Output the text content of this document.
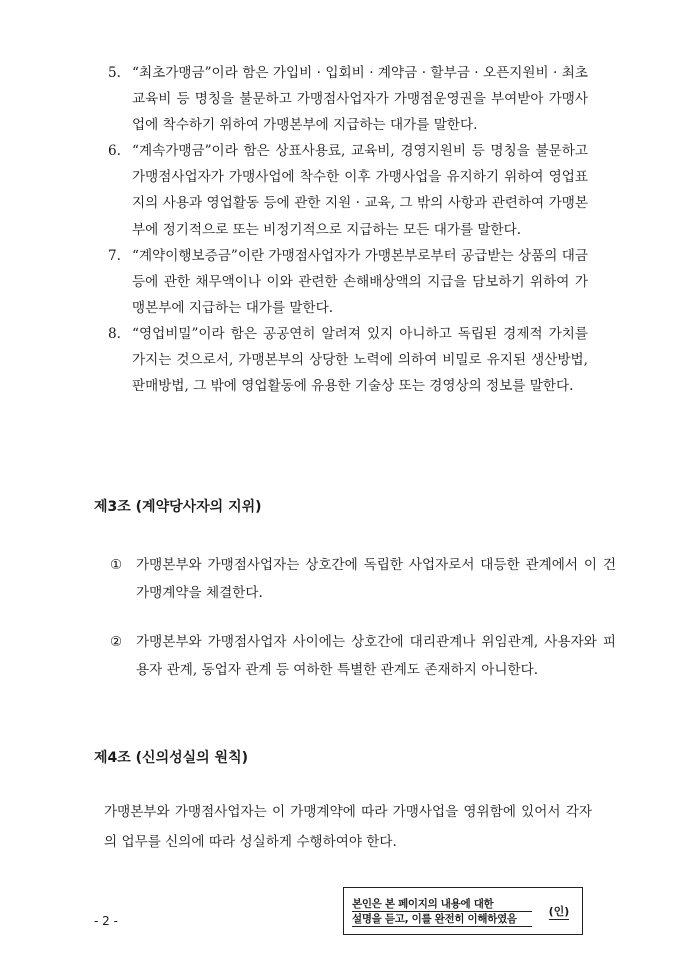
5. “최초가맹금”이라 함은 가입비 · 입회비 · 계약금 · 할부금 · 오픈지원비 · 최초교육비 등 명칭을 불문하고 가맹점사업자가 가맹점운영권을 부여받아 가맹사업에 착수하기 위하여 가맹본부에 지급하는 대가를 말한다.
6. “계속가맹금”이라 함은 상표사용료, 교육비, 경영지원비 등 명칭을 불문하고 가맹점사업자가 가맹사업에 착수한 이후 가맹사업을 유지하기 위하여 영업표지의 사용과 영업활동 등에 관한 지원 · 교육, 그 밖의 사항과 관련하여 가맹본부에 정기적으로 또는 비정기적으로 지급하는 모든 대가를 말한다.
7. “계약이행보증금”이란 가맹점사업자가 가맹본부로부터 공급받는 상품의 대금 등에 관한 채무액이나 이와 관련한 손해배상액의 지급을 담보하기 위하여 가맹본부에 지급하는 대가를 말한다.
8. “영업비밀”이라 함은 공공연히 알려져 있지 아니하고 독립된 경제적 가치를 가지는 것으로서, 가맹본부의 상당한 노력에 의하여 비밀로 유지된 생산방법, 판매방법, 그 밖에 영업활동에 유용한 기술상 또는 경영상의 정보를 말한다.
제3조 (계약당사자의 지위)
① 가맹본부와 가맹점사업자는 상호간에 독립한 사업자로서 대등한 관계에서 이 건 가맹계약을 체결한다.
② 가맹본부와 가맹점사업자 사이에는 상호간에 대리관계나 위임관계, 사용자와 피용자 관계, 동업자 관계 등 여하한 특별한 관계도 존재하지 아니한다.
제4조 (신의성실의 원칙)
가맹본부와 가맹점사업자는 이 가맹계약에 따라 가맹사업을 영위함에 있어서 각자의 업무를 신의에 따라 성실하게 수행하여야 한다.
- 2 -
본인은 본 페이지의 내용에 대한
설명을 듣고, 이를 완전히 이해하였음
(인)
